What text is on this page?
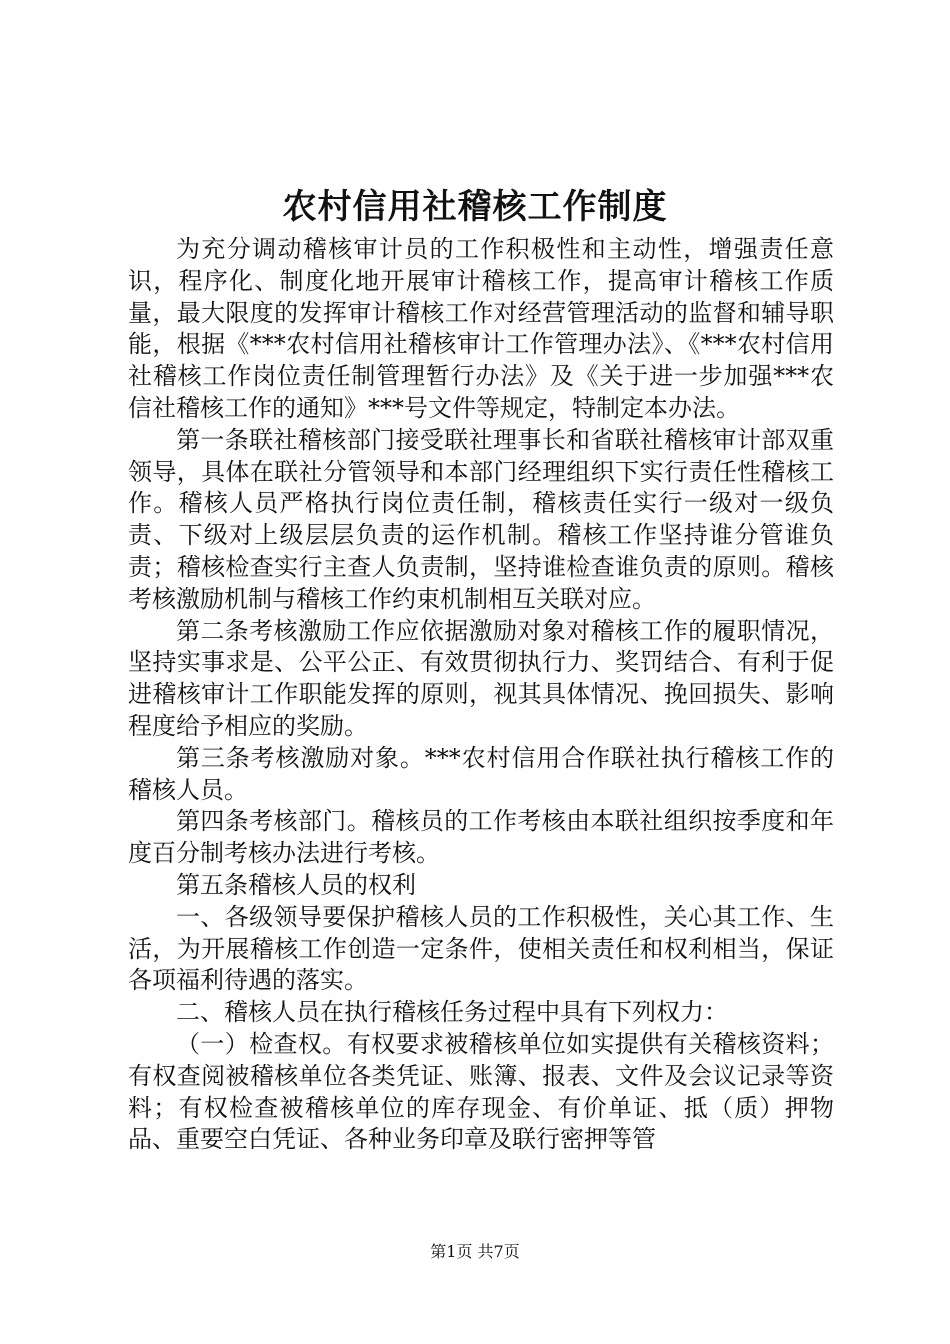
农村信用社稽核工作制度

为充分调动稽核审计员的工作积极性和主动性，增强责任意识，程序化、制度化地开展审计稽核工作，提高审计稽核工作质量，最大限度的发挥审计稽核工作对经营管理活动的监督和辅导职能，根据《***农村信用社稽核审计工作管理办法》、《***农村信用社稽核工作岗位责任制管理暂行办法》及《关于进一步加强***农信社稽核工作的通知》***号文件等规定，特制定本办法。

第一条联社稽核部门接受联社理事长和省联社稽核审计部双重领导，具体在联社分管领导和本部门经理组织下实行责任性稽核工作。稽核人员严格执行岗位责任制，稽核责任实行一级对一级负责、下级对上级层层负责的运作机制。稽核工作坚持谁分管谁负责；稽核检查实行主查人负责制，坚持谁检查谁负责的原则。稽核考核激励机制与稽核工作约束机制相互关联对应。

第二条考核激励工作应依据激励对象对稽核工作的履职情况，坚持实事求是、公平公正、有效贯彻执行力、奖罚结合、有利于促进稽核审计工作职能发挥的原则，视其具体情况、挽回损失、影响程度给予相应的奖励。

第三条考核激励对象。***农村信用合作联社执行稽核工作的稽核人员。

第四条考核部门。稽核员的工作考核由本联社组织按季度和年度百分制考核办法进行考核。

第五条稽核人员的权利

一、各级领导要保护稽核人员的工作积极性，关心其工作、生活，为开展稽核工作创造一定条件，使相关责任和权利相当，保证各项福利待遇的落实。

二、稽核人员在执行稽核任务过程中具有下列权力：

（一）检查权。有权要求被稽核单位如实提供有关稽核资料；有权查阅被稽核单位各类凭证、账簿、报表、文件及会议记录等资料；有权检查被稽核单位的库存现金、有价单证、抵（质）押物品、重要空白凭证、各种业务印章及联行密押等管

第1页 共7页
